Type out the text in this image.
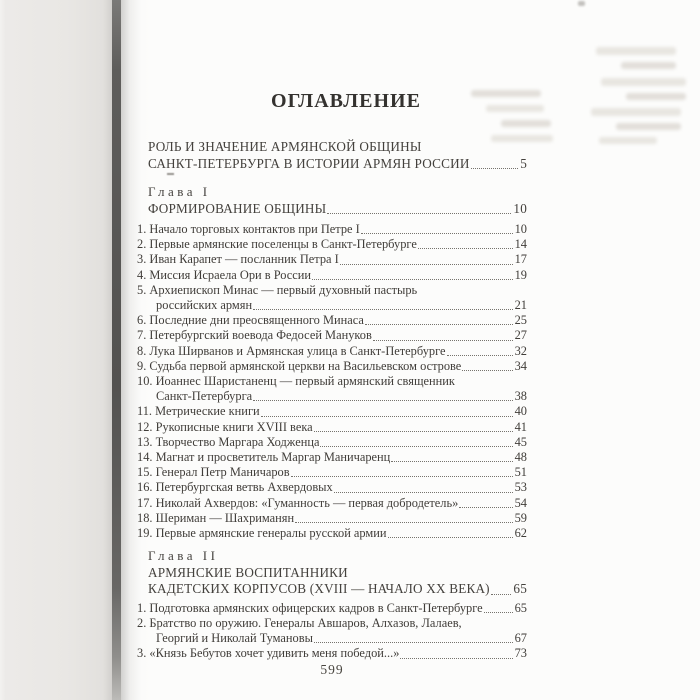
ОГЛАВЛЕНИЕ
РОЛЬ И ЗНАЧЕНИЕ АРМЯНСКОЙ ОБЩИНЫ
САНКТ-ПЕТЕРБУРГА В ИСТОРИИ АРМЯН РОССИИ	5
Глава I
ФОРМИРОВАНИЕ ОБЩИНЫ	10
1. Начало торговых контактов при Петре I	10
2. Первые армянские поселенцы в Санкт-Петербурге	14
3. Иван Карапет — посланник Петра I	17
4. Миссия Исраела Ори в России	19
5. Архиепископ Минас — первый духовный пастырь
российских армян	21
6. Последние дни преосвященного Минаса	25
7. Петербургский воевода Федосей Мануков	27
8. Лука Ширванов и Армянская улица в Санкт-Петербурге	32
9. Судьба первой армянской церкви на Васильевском острове	34
10. Иоаннес Шаристаненц — первый армянский священник
Санкт-Петербурга	38
11. Метрические книги	40
12. Рукописные книги XVIII века	41
13. Творчество Маргара Ходженца	45
14. Магнат и просветитель Маргар Маничаренц	48
15. Генерал Петр Маничаров	51
16. Петербургская ветвь Ахвердовых	53
17. Николай Ахвердов: «Гуманность — первая добродетель»	54
18. Шериман — Шахриманян	59
19. Первые армянские генералы русской армии	62
Глава II
АРМЯНСКИЕ ВОСПИТАННИКИ
КАДЕТСКИХ КОРПУСОВ (XVIII — НАЧАЛО XX ВЕКА) 65
1. Подготовка армянских офицерских кадров в Санкт-Петербурге	65
2. Братство по оружию. Генералы Авшаров, Алхазов, Лалаев,
Георгий и Николай Тумановы	67
3. «Князь Бебутов хочет удивить меня победой...»	73
599
